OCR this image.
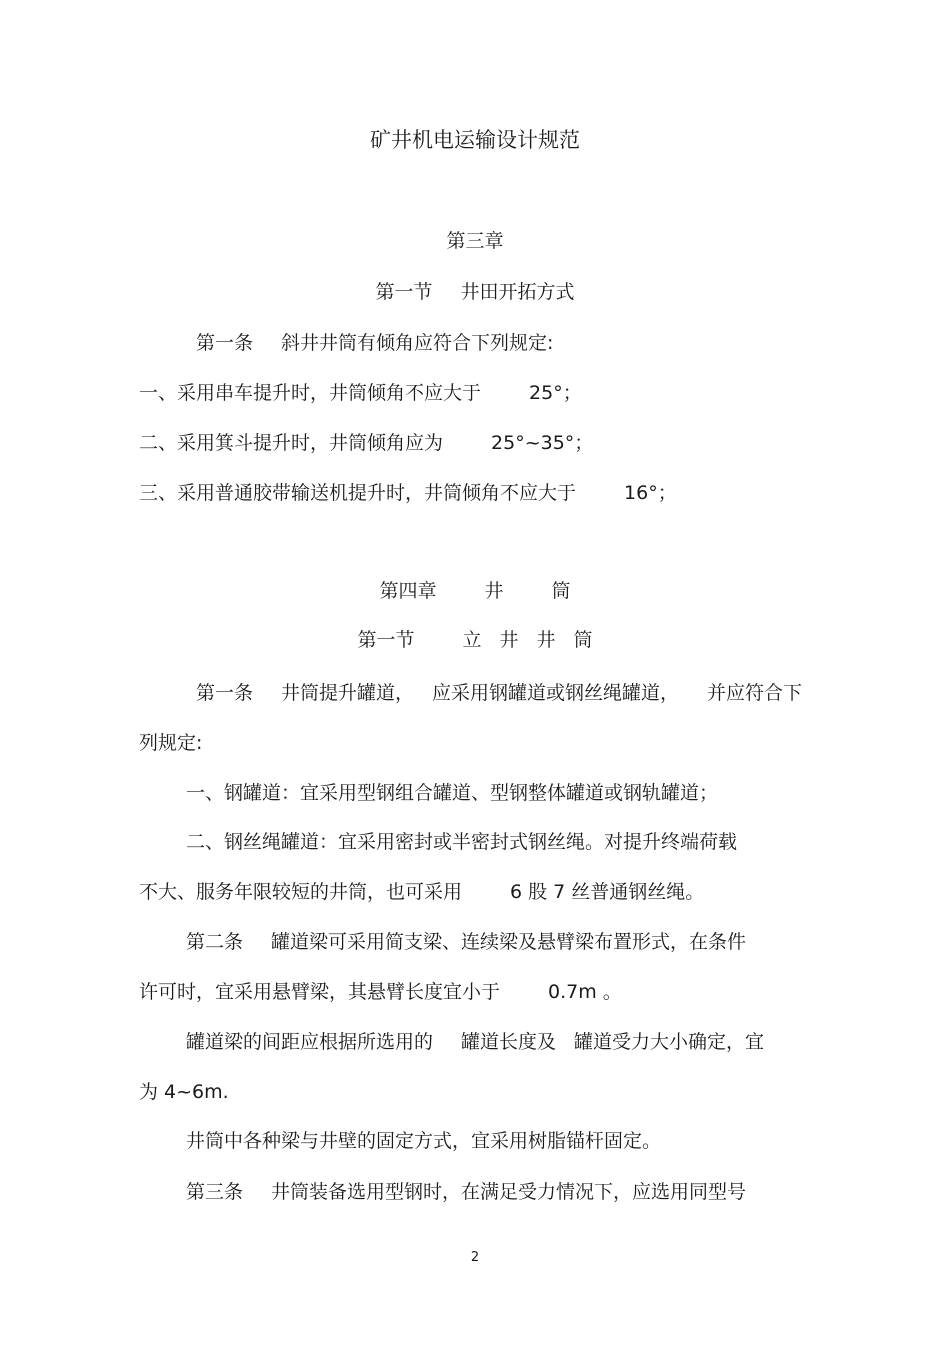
矿井机电运输设计规范
第三章
第一节 井田开拓方式
第一条 斜井井筒有倾角应符合下列规定:
一、采用串车提升时，井筒倾角不应大于	25°；
二、采用箕斗提升时，井筒倾角应为	25°~35°；
三、采用普通胶带输送机提升时，井筒倾角不应大于	16°；
第四章	井	筒
第一节	立 井 井 筒
第一条 井筒提升罐道， 应采用钢罐道或钢丝绳罐道， 并应符合下
列规定:
一、钢罐道：宜采用型钢组合罐道、型钢整体罐道或钢轨罐道；
二、钢丝绳罐道：宜采用密封或半密封式钢丝绳。对提升终端荷载
不大、服务年限较短的井筒，也可采用	6 股 7 丝普通钢丝绳。
第二条 罐道梁可采用简支梁、连续梁及悬臂梁布置形式，在条件
许可时，宜采用悬臂梁，其悬臂长度宜小于	0.7m 。
罐道梁的间距应根据所选用的 罐道长度及 罐道受力大小确定，宜
为 4~6m.
井筒中各种梁与井壁的固定方式，宜采用树脂锚杆固定。
第三条 井筒装备选用型钢时，在满足受力情况下，应选用同型号
2
